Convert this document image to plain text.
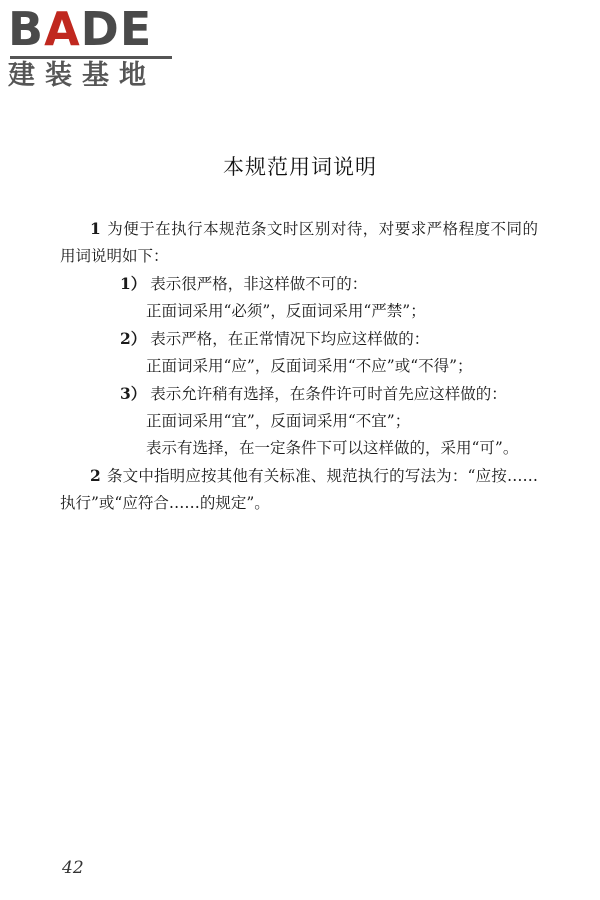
BADE
建装基地
本规范用词说明

1 为便于在执行本规范条文时区别对待，对要求严格程度不同的用词说明如下：

1） 表示很严格，非这样做不可的：

正面词采用“必须”，反面词采用“严禁”；

2） 表示严格，在正常情况下均应这样做的：

正面词采用“应”，反面词采用“不应”或“不得”；

3） 表示允许稍有选择，在条件许可时首先应这样做的：

正面词采用“宜”，反面词采用“不宜”；

表示有选择，在一定条件下可以这样做的，采用“可”。

2 条文中指明应按其他有关标准、规范执行的写法为：“应按……执行”或“应符合……的规定”。

42
